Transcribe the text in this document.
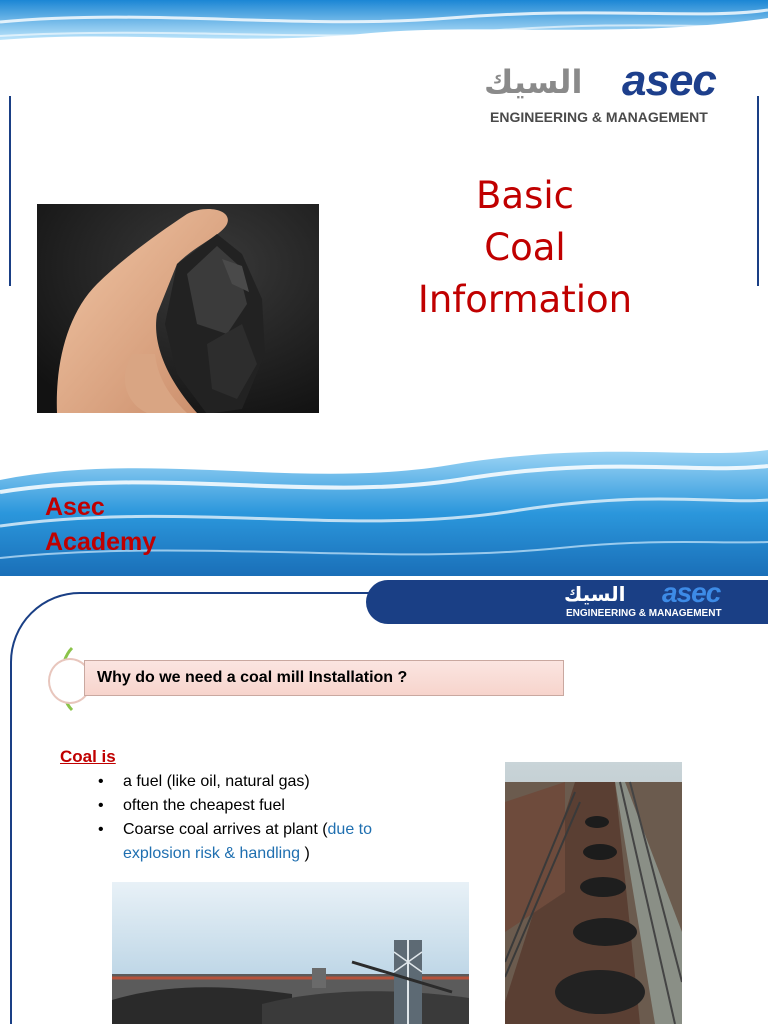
السيك asec
ENGINEERING & MANAGEMENT
Basic
Coal
Information
Asec
Academy
السيك asec
ENGINEERING & MANAGEMENT
Why do we need a coal mill Installation ?
Coal is
• a fuel (like oil, natural gas)
• often the cheapest fuel
• Coarse coal arrives at plant (due to explosion risk & handling )
